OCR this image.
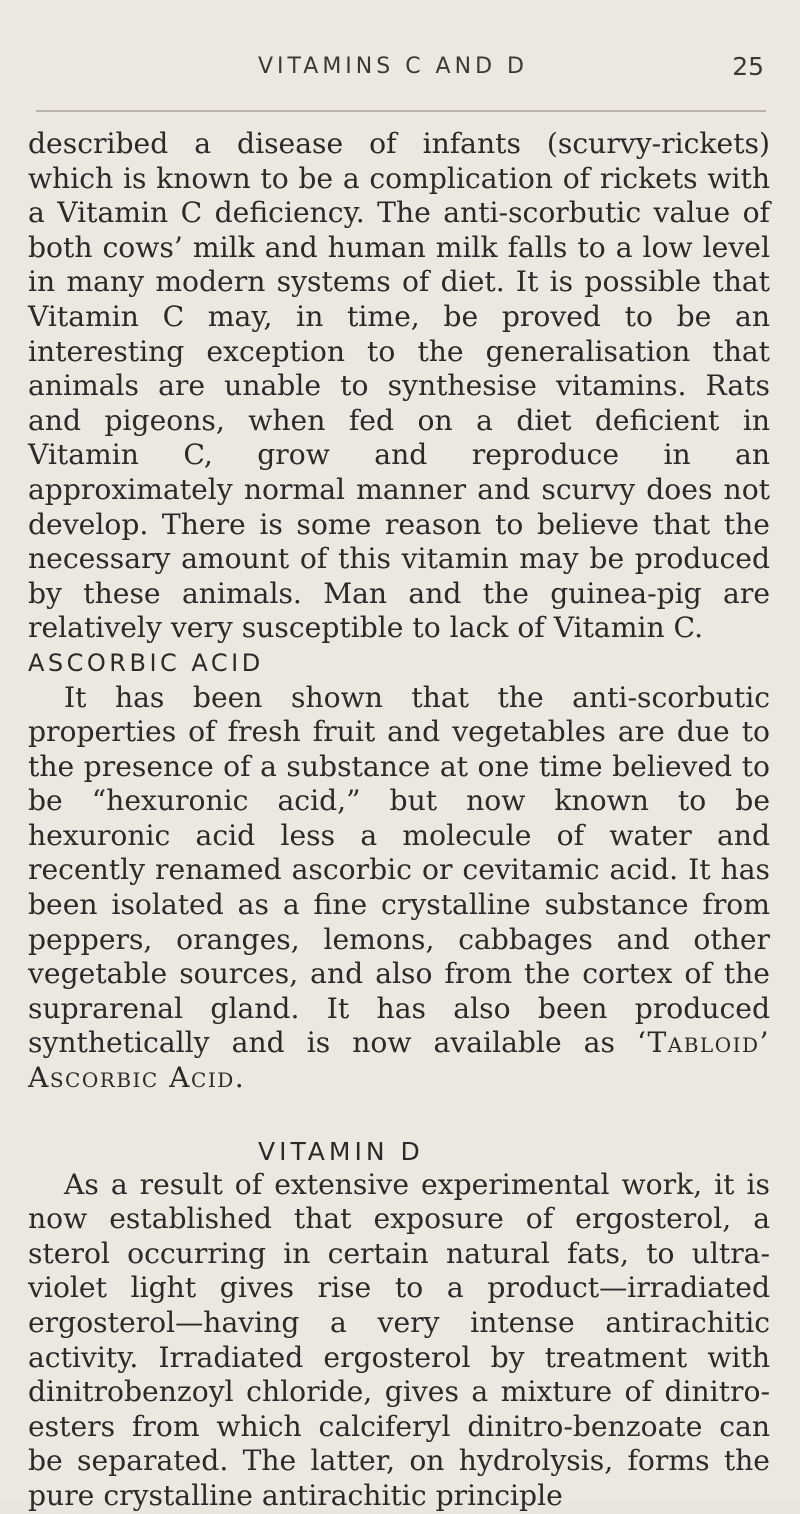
VITAMINS C AND D	25

described a disease of infants (scurvy-rickets) which is known to be a complication of rickets with a Vitamin C deficiency. The anti-scorbutic value of both cows’ milk and human milk falls to a low level in many modern systems of diet. It is possible that Vitamin C may, in time, be proved to be an interesting exception to the generalisation that animals are unable to synthesise vitamins. Rats and pigeons, when fed on a diet deficient in Vitamin C, grow and reproduce in an approximately normal manner and scurvy does not develop. There is some reason to believe that the necessary amount of this vitamin may be produced by these animals. Man and the guinea-pig are relatively very susceptible to lack of Vitamin C.

ASCORBIC ACID

It has been shown that the anti-scorbutic properties of fresh fruit and vegetables are due to the presence of a substance at one time believed to be “hexuronic acid,” but now known to be hexuronic acid less a molecule of water and recently renamed ascorbic or cevitamic acid. It has been isolated as a fine crystalline substance from peppers, oranges, lemons, cabbages and other vegetable sources, and also from the cortex of the suprarenal gland. It has also been produced synthetically and is now available as ‘Tabloid’ Ascorbic Acid.

VITAMIN D

As a result of extensive experimental work, it is now established that exposure of ergosterol, a sterol occurring in certain natural fats, to ultra-violet light gives rise to a product—irradiated ergosterol—having a very intense antirachitic activity. Irradiated ergosterol by treatment with dinitrobenzoyl chloride, gives a mixture of dinitro-esters from which calciferyl dinitro-benzoate can be separated. The latter, on hydrolysis, forms the pure crystalline antirachitic principle
